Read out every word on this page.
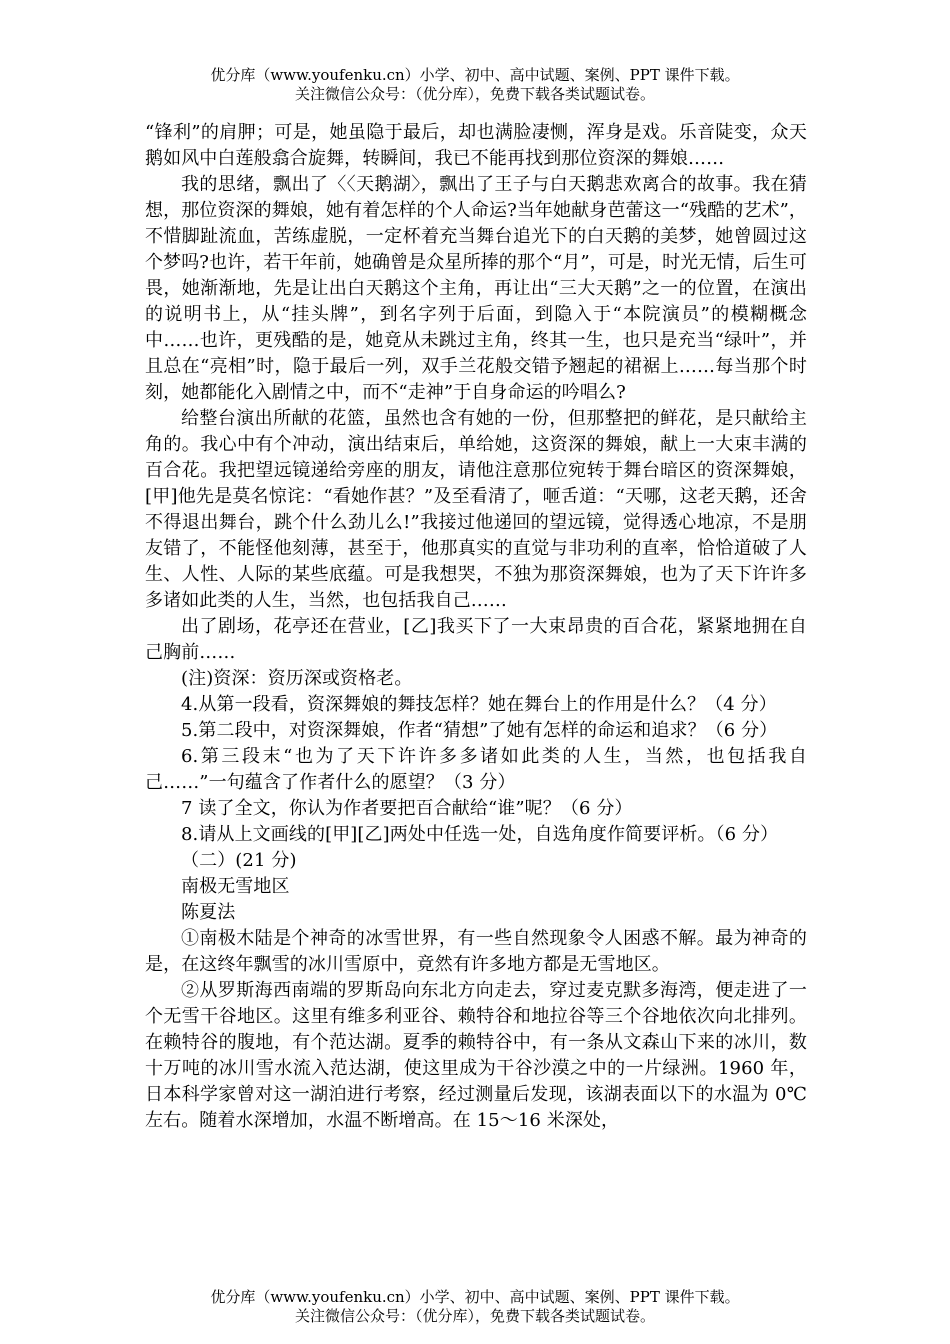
优分库（www.youfenku.cn）小学、初中、高中试题、案例、PPT 课件下载。
关注微信公众号：（优分库），免费下载各类试题试卷。

“锋利”的肩胛；可是，她虽隐于最后，却也满脸凄恻，浑身是戏。乐音陡变，众天鹅如风中白莲般翕合旋舞，转瞬间，我已不能再找到那位资深的舞娘……

我的思绪，飘出了〈〈天鹅湖〉，飘出了王子与白天鹅悲欢离合的故事。我在猜想，那位资深的舞娘，她有着怎样的个人命运?当年她献身芭蕾这一“残酷的艺术”，不惜脚趾流血，苦练虚脱，一定杯着充当舞台追光下的白天鹅的美梦，她曾圆过这个梦吗?也许，若干年前，她确曾是众星所捧的那个“月”，可是，时光无情，后生可畏，她渐渐地，先是让出白天鹅这个主角，再让出“三大天鹅”之一的位置，在演出的说明书上，从“挂头牌”，到名字列于后面，到隐入于“本院演员”的模糊概念中……也许，更残酷的是，她竟从未跳过主角，终其一生，也只是充当“绿叶”，并且总在“亮相”时，隐于最后一列，双手兰花般交错予翘起的裙裾上……每当那个时刻，她都能化入剧情之中，而不“走神”于自身命运的吟唱么?

给整台演出所献的花篮，虽然也含有她的一份，但那整把的鲜花，是只献给主角的。我心中有个冲动，演出结束后，单给她，这资深的舞娘，献上一大束丰满的百合花。我把望远镜递给旁座的朋友，请他注意那位宛转于舞台暗区的资深舞娘，[甲]他先是莫名惊诧：“看她作甚？”及至看清了，咂舌道：“天哪，这老天鹅，还舍不得退出舞台，跳个什么劲儿么!”我接过他递回的望远镜，觉得透心地凉，不是朋友错了，不能怪他刻薄，甚至于，他那真实的直觉与非功利的直率，恰恰道破了人生、人性、人际的某些底蕴。可是我想哭，不独为那资深舞娘，也为了天下许许多多诸如此类的人生，当然，也包括我自己……

出了剧场，花亭还在营业，[乙]我买下了一大束昂贵的百合花，紧紧地拥在自己胸前……

(注)资深：资历深或资格老。

4.从第一段看，资深舞娘的舞技怎样？她在舞台上的作用是什么？（4 分）

5.第二段中，对资深舞娘，作者“猜想”了她有怎样的命运和追求？（6 分）

6.第三段末“也为了天下许许多多诸如此类的人生，当然，也包括我自己……”一句蕴含了作者什么的愿望？（3 分）

7 读了全文，你认为作者要把百合献给“谁”呢？（6 分）

8.请从上文画线的[甲][乙]两处中任选一处，自选角度作简要评析。（6 分）

（二）(21 分)

南极无雪地区

陈夏法

①南极木陆是个神奇的冰雪世界，有一些自然现象令人困惑不解。最为神奇的是，在这终年飘雪的冰川雪原中，竟然有许多地方都是无雪地区。

②从罗斯海西南端的罗斯岛向东北方向走去，穿过麦克默多海湾，便走进了一个无雪干谷地区。这里有维多利亚谷、赖特谷和地拉谷等三个谷地依次向北排列。在赖特谷的腹地，有个范达湖。夏季的赖特谷中，有一条从文森山下来的冰川，数十万吨的冰川雪水流入范达湖，使这里成为干谷沙漠之中的一片绿洲。1960 年，日本科学家曾对这一湖泊进行考察，经过测量后发现，该湖表面以下的水温为 0℃左右。随着水深增加，水温不断增高。在 15～16 米深处，

优分库（www.youfenku.cn）小学、初中、高中试题、案例、PPT 课件下载。
关注微信公众号：（优分库），免费下载各类试题试卷。
